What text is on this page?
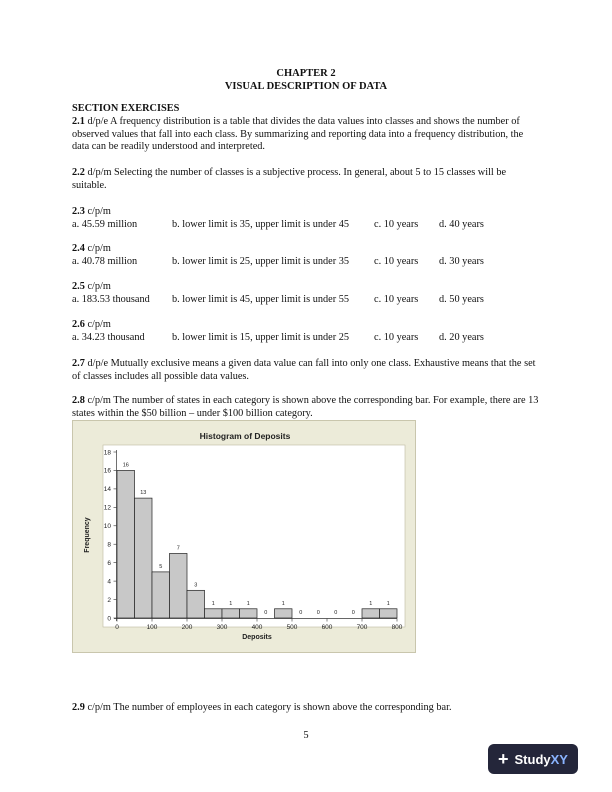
CHAPTER 2
VISUAL DESCRIPTION OF DATA
SECTION EXERCISES
2.1 d/p/e A frequency distribution is a table that divides the data values into classes and shows the number of observed values that fall into each class. By summarizing and reporting data into a frequency distribution, the data can be readily understood and interpreted.
2.2 d/p/m Selecting the number of classes is a subjective process. In general, about 5 to 15 classes will be suitable.
2.3 c/p/m
a. 45.59 million	b. lower limit is 35, upper limit is under 45 c. 10 years d. 40 years
2.4 c/p/m
a. 40.78 million	b. lower limit is 25, upper limit is under 35 c. 10 years d. 30 years
2.5 c/p/m
a. 183.53 thousand b. lower limit is 45, upper limit is under 55 c. 10 years d. 50 years
2.6 c/p/m
a. 34.23 thousand	b. lower limit is 15, upper limit is under 25 c. 10 years d. 20 years
2.7 d/p/e Mutually exclusive means a given data value can fall into only one class. Exhaustive means that the set of classes includes all possible data values.
2.8 c/p/m The number of states in each category is shown above the corresponding bar. For example, there are 13 states within the $50 billion – under $100 billion category.
Histogram of Deposits
16
13
5
7
3
1	1	1
0
1
0	0	0	0
1	1
0	100	200	300	400	500	600	700	800
0
2
4
6
8
10
12
14
16
18
Deposits
Frequency
2.9 c/p/m The number of employees in each category is shown above the corresponding bar.
5
+ StudyXY
